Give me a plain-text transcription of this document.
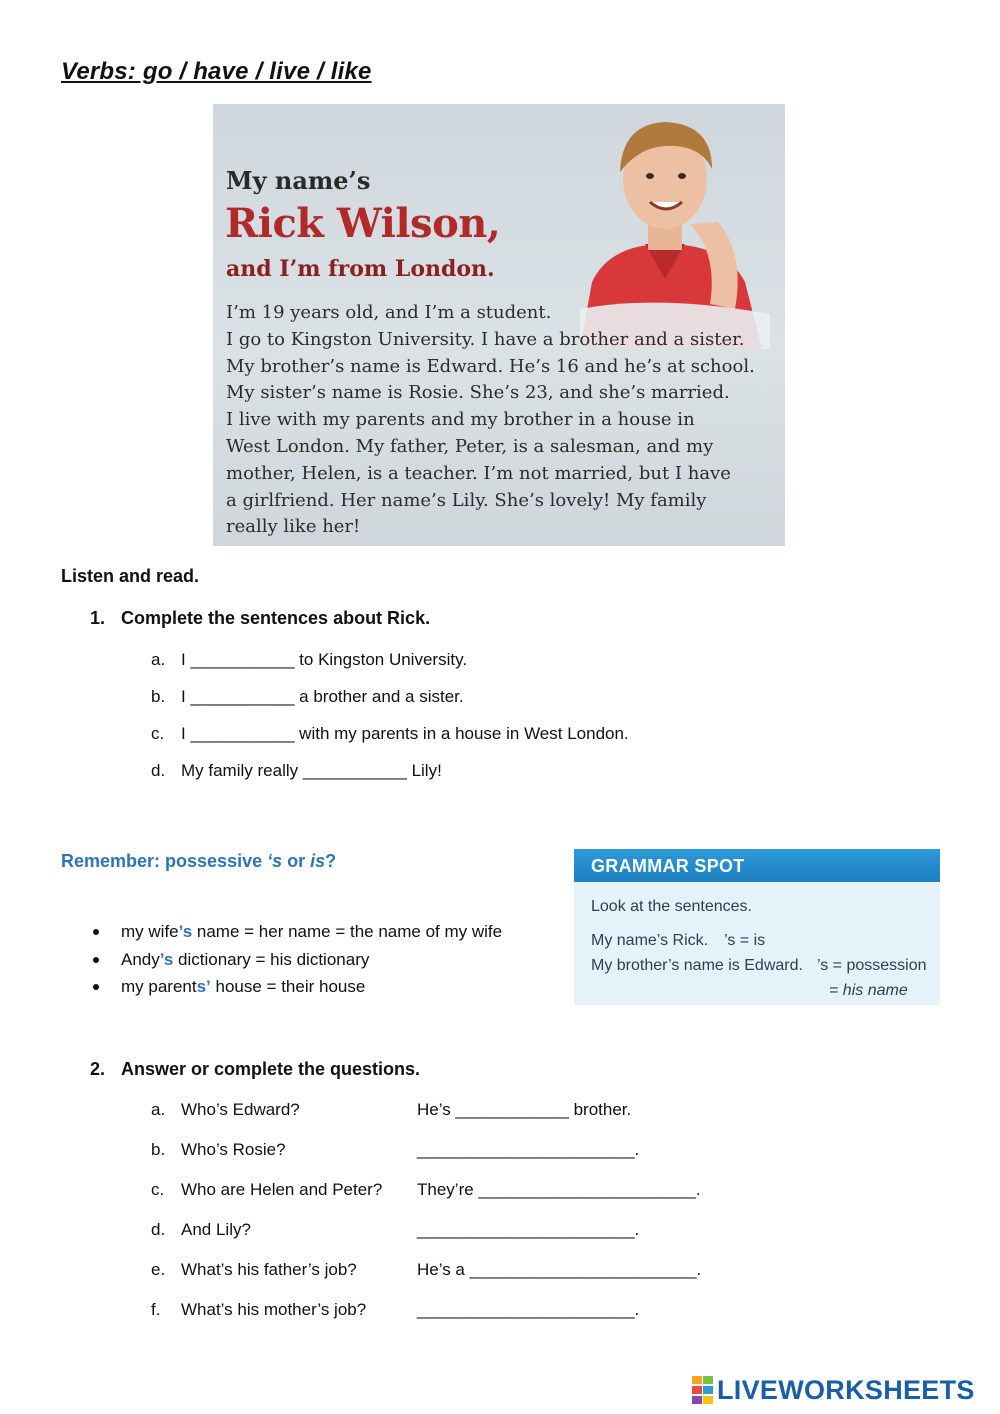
Verbs: go / have / live / like
My name’s
Rick Wilson,
and I’m from London.
I’m 19 years old, and I’m a student.
I go to Kingston University. I have a brother and a sister.
My brother’s name is Edward. He’s 16 and he’s at school.
My sister’s name is Rosie. She’s 23, and she’s married.
I live with my parents and my brother in a house in
West London. My father, Peter, is a salesman, and my
mother, Helen, is a teacher. I’m not married, but I have
a girlfriend. Her name’s Lily. She’s lovely! My family
really like her!
Listen and read.
1. Complete the sentences about Rick.
a. I ___________ to Kingston University.
b. I ___________ a brother and a sister.
c. I ___________ with my parents in a house in West London.
d. My family really ___________ Lily!
Remember: possessive ‘s or is?
my wife’s name = her name = the name of my wife
Andy’s dictionary = his dictionary
my parents’ house = their house
GRAMMAR SPOT
Look at the sentences.
My name’s Rick. ’s = is
My brother’s name is Edward. ’s = possession
= his name
2. Answer or complete the questions.
a. Who’s Edward?	He’s ____________ brother.
b. Who’s Rosie?	_______________________.
c. Who are Helen and Peter? They’re _______________________.
d. And Lily?	_______________________.
e. What’s his father’s job?	He’s a ________________________.
f. What’s his mother’s job?	_______________________.
LIVEWORKSHEETS
